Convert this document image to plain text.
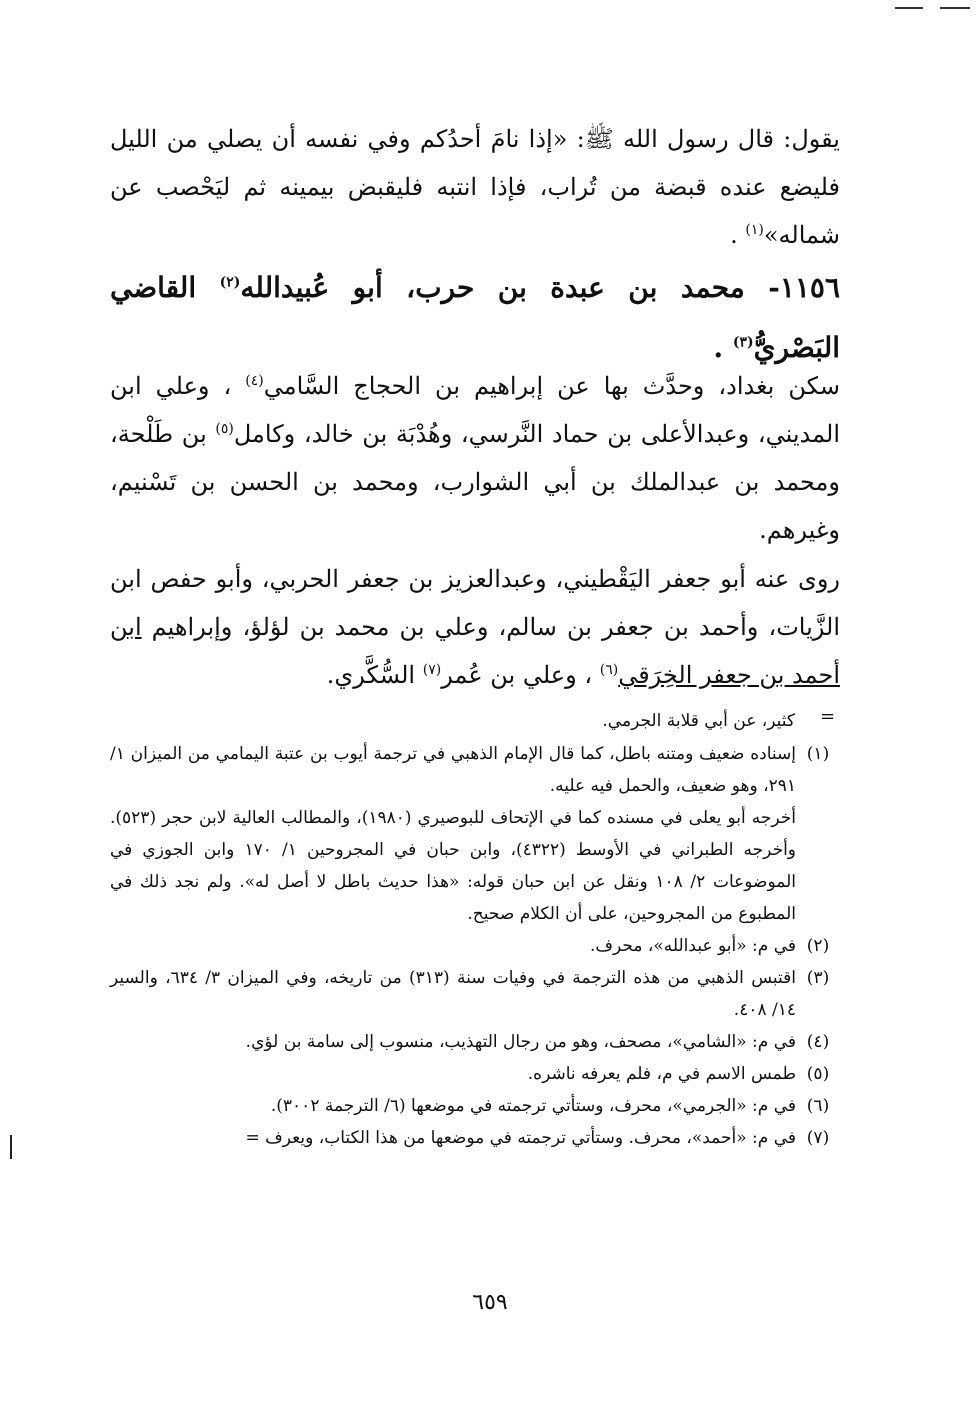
يقول: قال رسول الله ﷺ: «إذا نامَ أحدُكم وفي نفسه أن يصلي من الليل فليضع عنده قبضة من تُراب، فإذا انتبه فليقبض بيمينه ثم ليَحْصب عن شماله»$^{(١)}$ .

١١٥٦- محمد بن عبدة بن حرب، أبو عُبيدالله$^{(٢)}$ القاضي البَصْريُّ$^{(٣)}$ .

سكن بغداد، وحدَّث بها عن إبراهيم بن الحجاج السَّامي$^{(٤)}$ ، وعلي ابن المديني، وعبدالأعلى بن حماد النَّرسي، وهُدْبَة بن خالد، وكامل$^{(٥)}$ بن طَلْحة، ومحمد بن عبدالملك بن أبي الشوارب، ومحمد بن الحسن بن تَسْنيم، وغيرهم.

روى عنه أبو جعفر اليَقْطيني، وعبدالعزيز بن جعفر الحربي، وأبو حفص ابن الزَّيات، وأحمد بن جعفر بن سالم، وعلي بن محمد بن لؤلؤ، وإبراهيم ابن أحمد بن جعفر الخِرَقي$^{(٦)}$ ، وعلي بن عُمر$^{(٧)}$ السُّكَّري.

=
كثير، عن أبي قلابة الجرمي.
(١)
إسناده ضعيف ومتنه باطل، كما قال الإمام الذهبي في ترجمة أيوب بن عتبة اليمامي من الميزان ١/ ٢٩١، وهو ضعيف، والحمل فيه عليه.

أخرجه أبو يعلى في مسنده كما في الإتحاف للبوصيري (١٩٨٠)، والمطالب العالية لابن حجر (٥٢٣). وأخرجه الطبراني في الأوسط (٤٣٢٢)، وابن حبان في المجروحين ١/ ١٧٠ وابن الجوزي في الموضوعات ٢/ ١٠٨ ونقل عن ابن حبان قوله: «هذا حديث باطل لا أصل له». ولم نجد ذلك في المطبوع من المجروحين، على أن الكلام صحيح.

(٢)
في م: «أبو عبدالله»، محرف.
(٣)
اقتبس الذهبي من هذه الترجمة في وفيات سنة (٣١٣) من تاريخه، وفي الميزان ٣/ ٦٣٤، والسير ١٤/ ٤٠٨.
(٤)
في م: «الشامي»، مصحف، وهو من رجال التهذيب، منسوب إلى سامة بن لؤي.
(٥)
طمس الاسم في م، فلم يعرفه ناشره.
(٦)
في م: «الجرمي»، محرف، وستأتي ترجمته في موضعها (٦/ الترجمة ٣٠٠٢).
(٧)
في م: «أحمد»، محرف. وستأتي ترجمته في موضعها من هذا الكتاب، ويعرف =
٦٥٩
